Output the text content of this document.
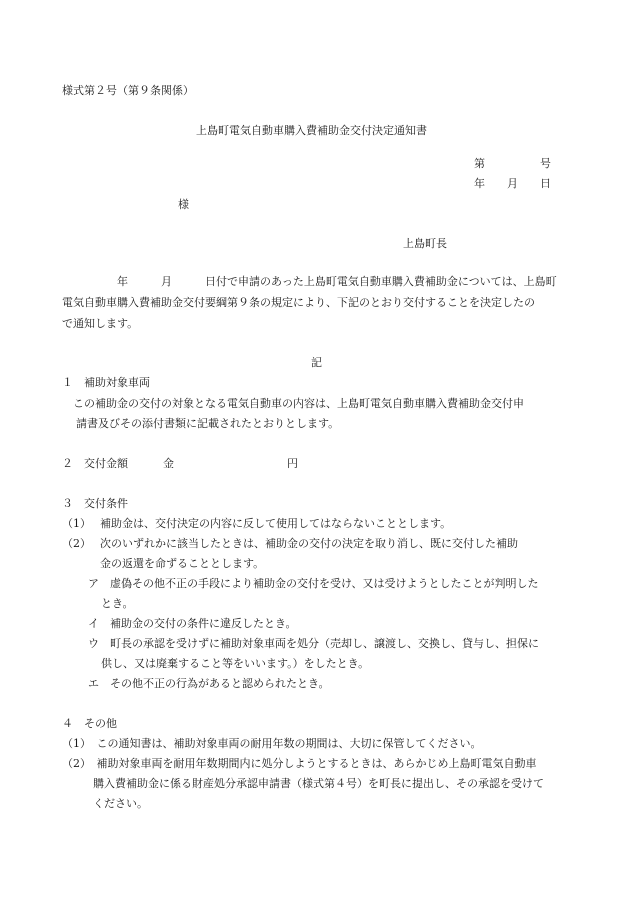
様式第２号（第９条関係）
上島町電気自動車購入費補助金交付決定通知書
第　　　　　号
年　　月　　日
様
上島町長
　　　　　年　　　月　　　日付で申請のあった上島町電気自動車購入費補助金については、上島町
電気自動車購入費補助金交付要綱第９条の規定により、下記のとおり交付することを決定したの
で通知します。
記
１　補助対象車両
　この補助金の交付の対象となる電気自動車の内容は、上島町電気自動車購入費補助金交付申
請書及びその添付書類に記載されたとおりとします。
２　交付金額	金	円
３　交付条件
（1）　 補助金は、交付決定の内容に反して使用してはならないこととします。
（2）　 次のいずれかに該当したときは、補助金の交付の決定を取り消し、既に交付した補助
金の返還を命ずることとします。
ア　虚偽その他不正の手段により補助金の交付を受け、又は受けようとしたことが判明した
とき。
イ　補助金の交付の条件に違反したとき。
ウ　町長の承認を受けずに補助対象車両を処分（売却し、譲渡し、交換し、貸与し、担保に
供し、又は廃棄すること等をいいます。）をしたとき。
エ　その他不正の行為があると認められたとき。
４　その他
（1）　この通知書は、補助対象車両の耐用年数の期間は、大切に保管してください。
（2）　補助対象車両を耐用年数期間内に処分しようとするときは、あらかじめ上島町電気自動車
購入費補助金に係る財産処分承認申請書（様式第４号）を町長に提出し、その承認を受けて
ください。
